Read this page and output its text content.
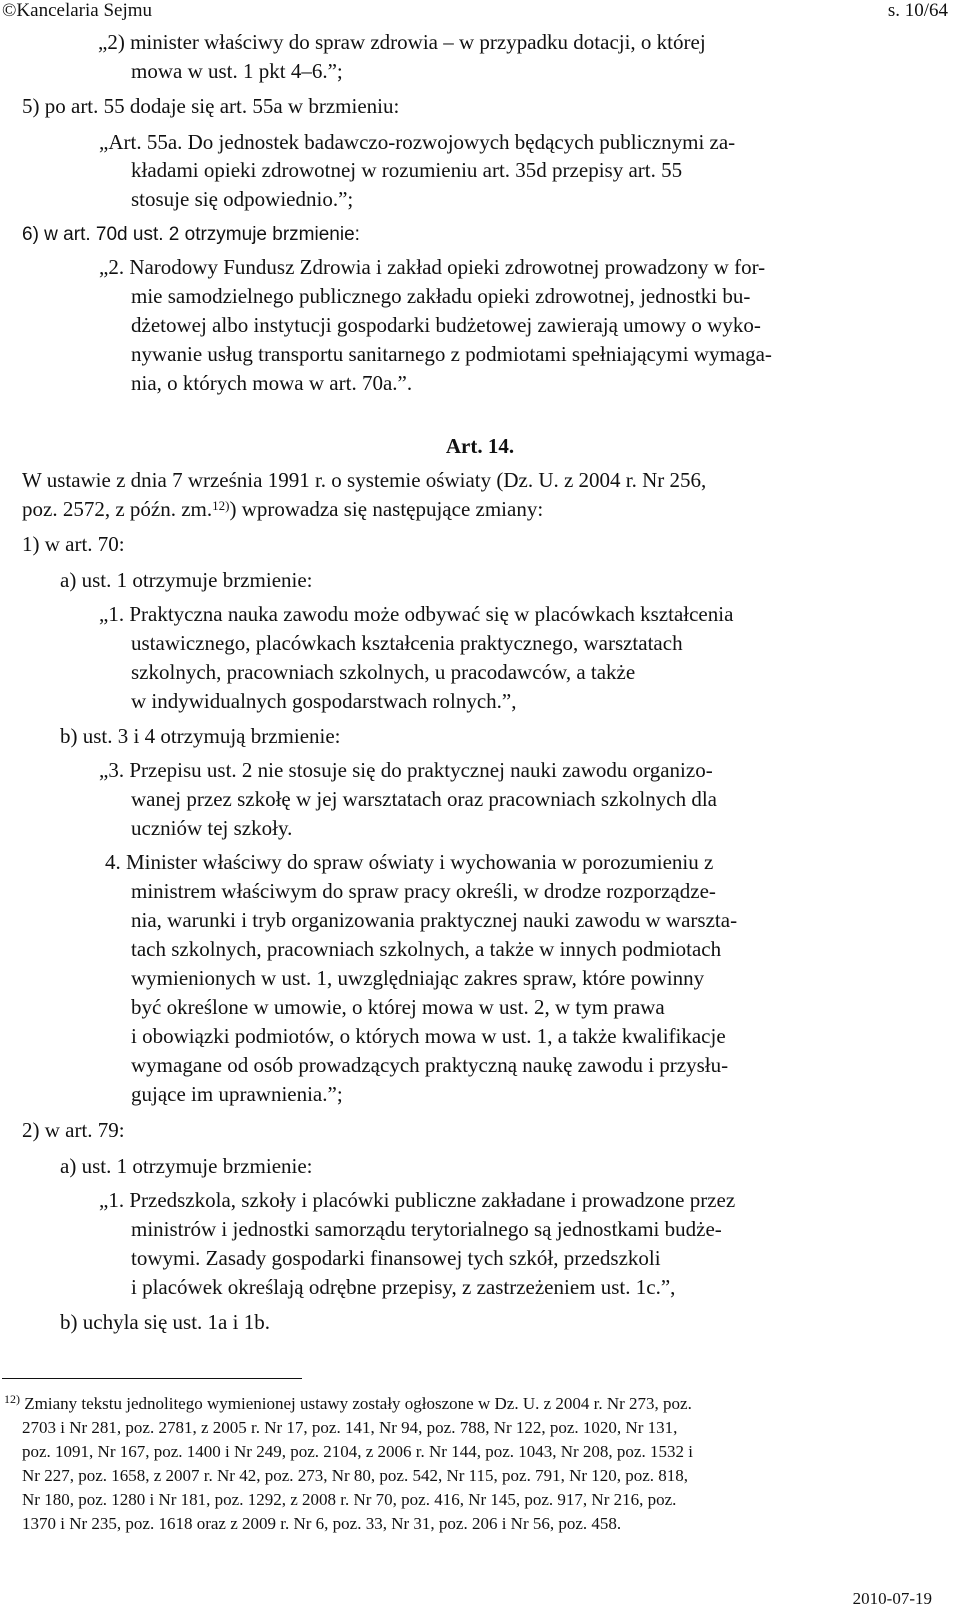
©Kancelaria Sejmu	s. 10/64
„2) minister właściwy do spraw zdrowia – w przypadku dotacji, o której
mowa w ust. 1 pkt 4–6.”;
5) po art. 55 dodaje się art. 55a w brzmieniu:
„Art. 55a. Do jednostek badawczo-rozwojowych będących publicznymi za-
kładami opieki zdrowotnej w rozumieniu art. 35d przepisy art. 55
stosuje się odpowiednio.”;
6) w art. 70d ust. 2 otrzymuje brzmienie:
„2. Narodowy Fundusz Zdrowia i zakład opieki zdrowotnej prowadzony w for-
mie samodzielnego publicznego zakładu opieki zdrowotnej, jednostki bu-
dżetowej albo instytucji gospodarki budżetowej zawierają umowy o wyko-
nywanie usług transportu sanitarnego z podmiotami spełniającymi wymaga-
nia, o których mowa w art. 70a.”.
Art. 14.
W ustawie z dnia 7 września 1991 r. o systemie oświaty (Dz. U. z 2004 r. Nr 256,
poz. 2572, z późn. zm.$^{12)}$) wprowadza się następujące zmiany:
1) w art. 70:
a) ust. 1 otrzymuje brzmienie:
„1. Praktyczna nauka zawodu może odbywać się w placówkach kształcenia
ustawicznego, placówkach kształcenia praktycznego, warsztatach
szkolnych, pracowniach szkolnych, u pracodawców, a także
w indywidualnych gospodarstwach rolnych.”,
b) ust. 3 i 4 otrzymują brzmienie:
„3. Przepisu ust. 2 nie stosuje się do praktycznej nauki zawodu organizo-
wanej przez szkołę w jej warsztatach oraz pracowniach szkolnych dla
uczniów tej szkoły.
4. Minister właściwy do spraw oświaty i wychowania w porozumieniu z
ministrem właściwym do spraw pracy określi, w drodze rozporządze-
nia, warunki i tryb organizowania praktycznej nauki zawodu w warszta-
tach szkolnych, pracowniach szkolnych, a także w innych podmiotach
wymienionych w ust. 1, uwzględniając zakres spraw, które powinny
być określone w umowie, o której mowa w ust. 2, w tym prawa
i obowiązki podmiotów, o których mowa w ust. 1, a także kwalifikacje
wymagane od osób prowadzących praktyczną naukę zawodu i przysłu-
gujące im uprawnienia.”;
2) w art. 79:
a) ust. 1 otrzymuje brzmienie:
„1. Przedszkola, szkoły i placówki publiczne zakładane i prowadzone przez
ministrów i jednostki samorządu terytorialnego są jednostkami budże-
towymi. Zasady gospodarki finansowej tych szkół, przedszkoli
i placówek określają odrębne przepisy, z zastrzeżeniem ust. 1c.”,
b) uchyla się ust. 1a i 1b.
$^{12)}$ Zmiany tekstu jednolitego wymienionej ustawy zostały ogłoszone w Dz. U. z 2004 r. Nr 273, poz.
2703 i Nr 281, poz. 2781, z 2005 r. Nr 17, poz. 141, Nr 94, poz. 788, Nr 122, poz. 1020, Nr 131,
poz. 1091, Nr 167, poz. 1400 i Nr 249, poz. 2104, z 2006 r. Nr 144, poz. 1043, Nr 208, poz. 1532 i
Nr 227, poz. 1658, z 2007 r. Nr 42, poz. 273, Nr 80, poz. 542, Nr 115, poz. 791, Nr 120, poz. 818,
Nr 180, poz. 1280 i Nr 181, poz. 1292, z 2008 r. Nr 70, poz. 416, Nr 145, poz. 917, Nr 216, poz.
1370 i Nr 235, poz. 1618 oraz z 2009 r. Nr 6, poz. 33, Nr 31, poz. 206 i Nr 56, poz. 458.
2010-07-19
